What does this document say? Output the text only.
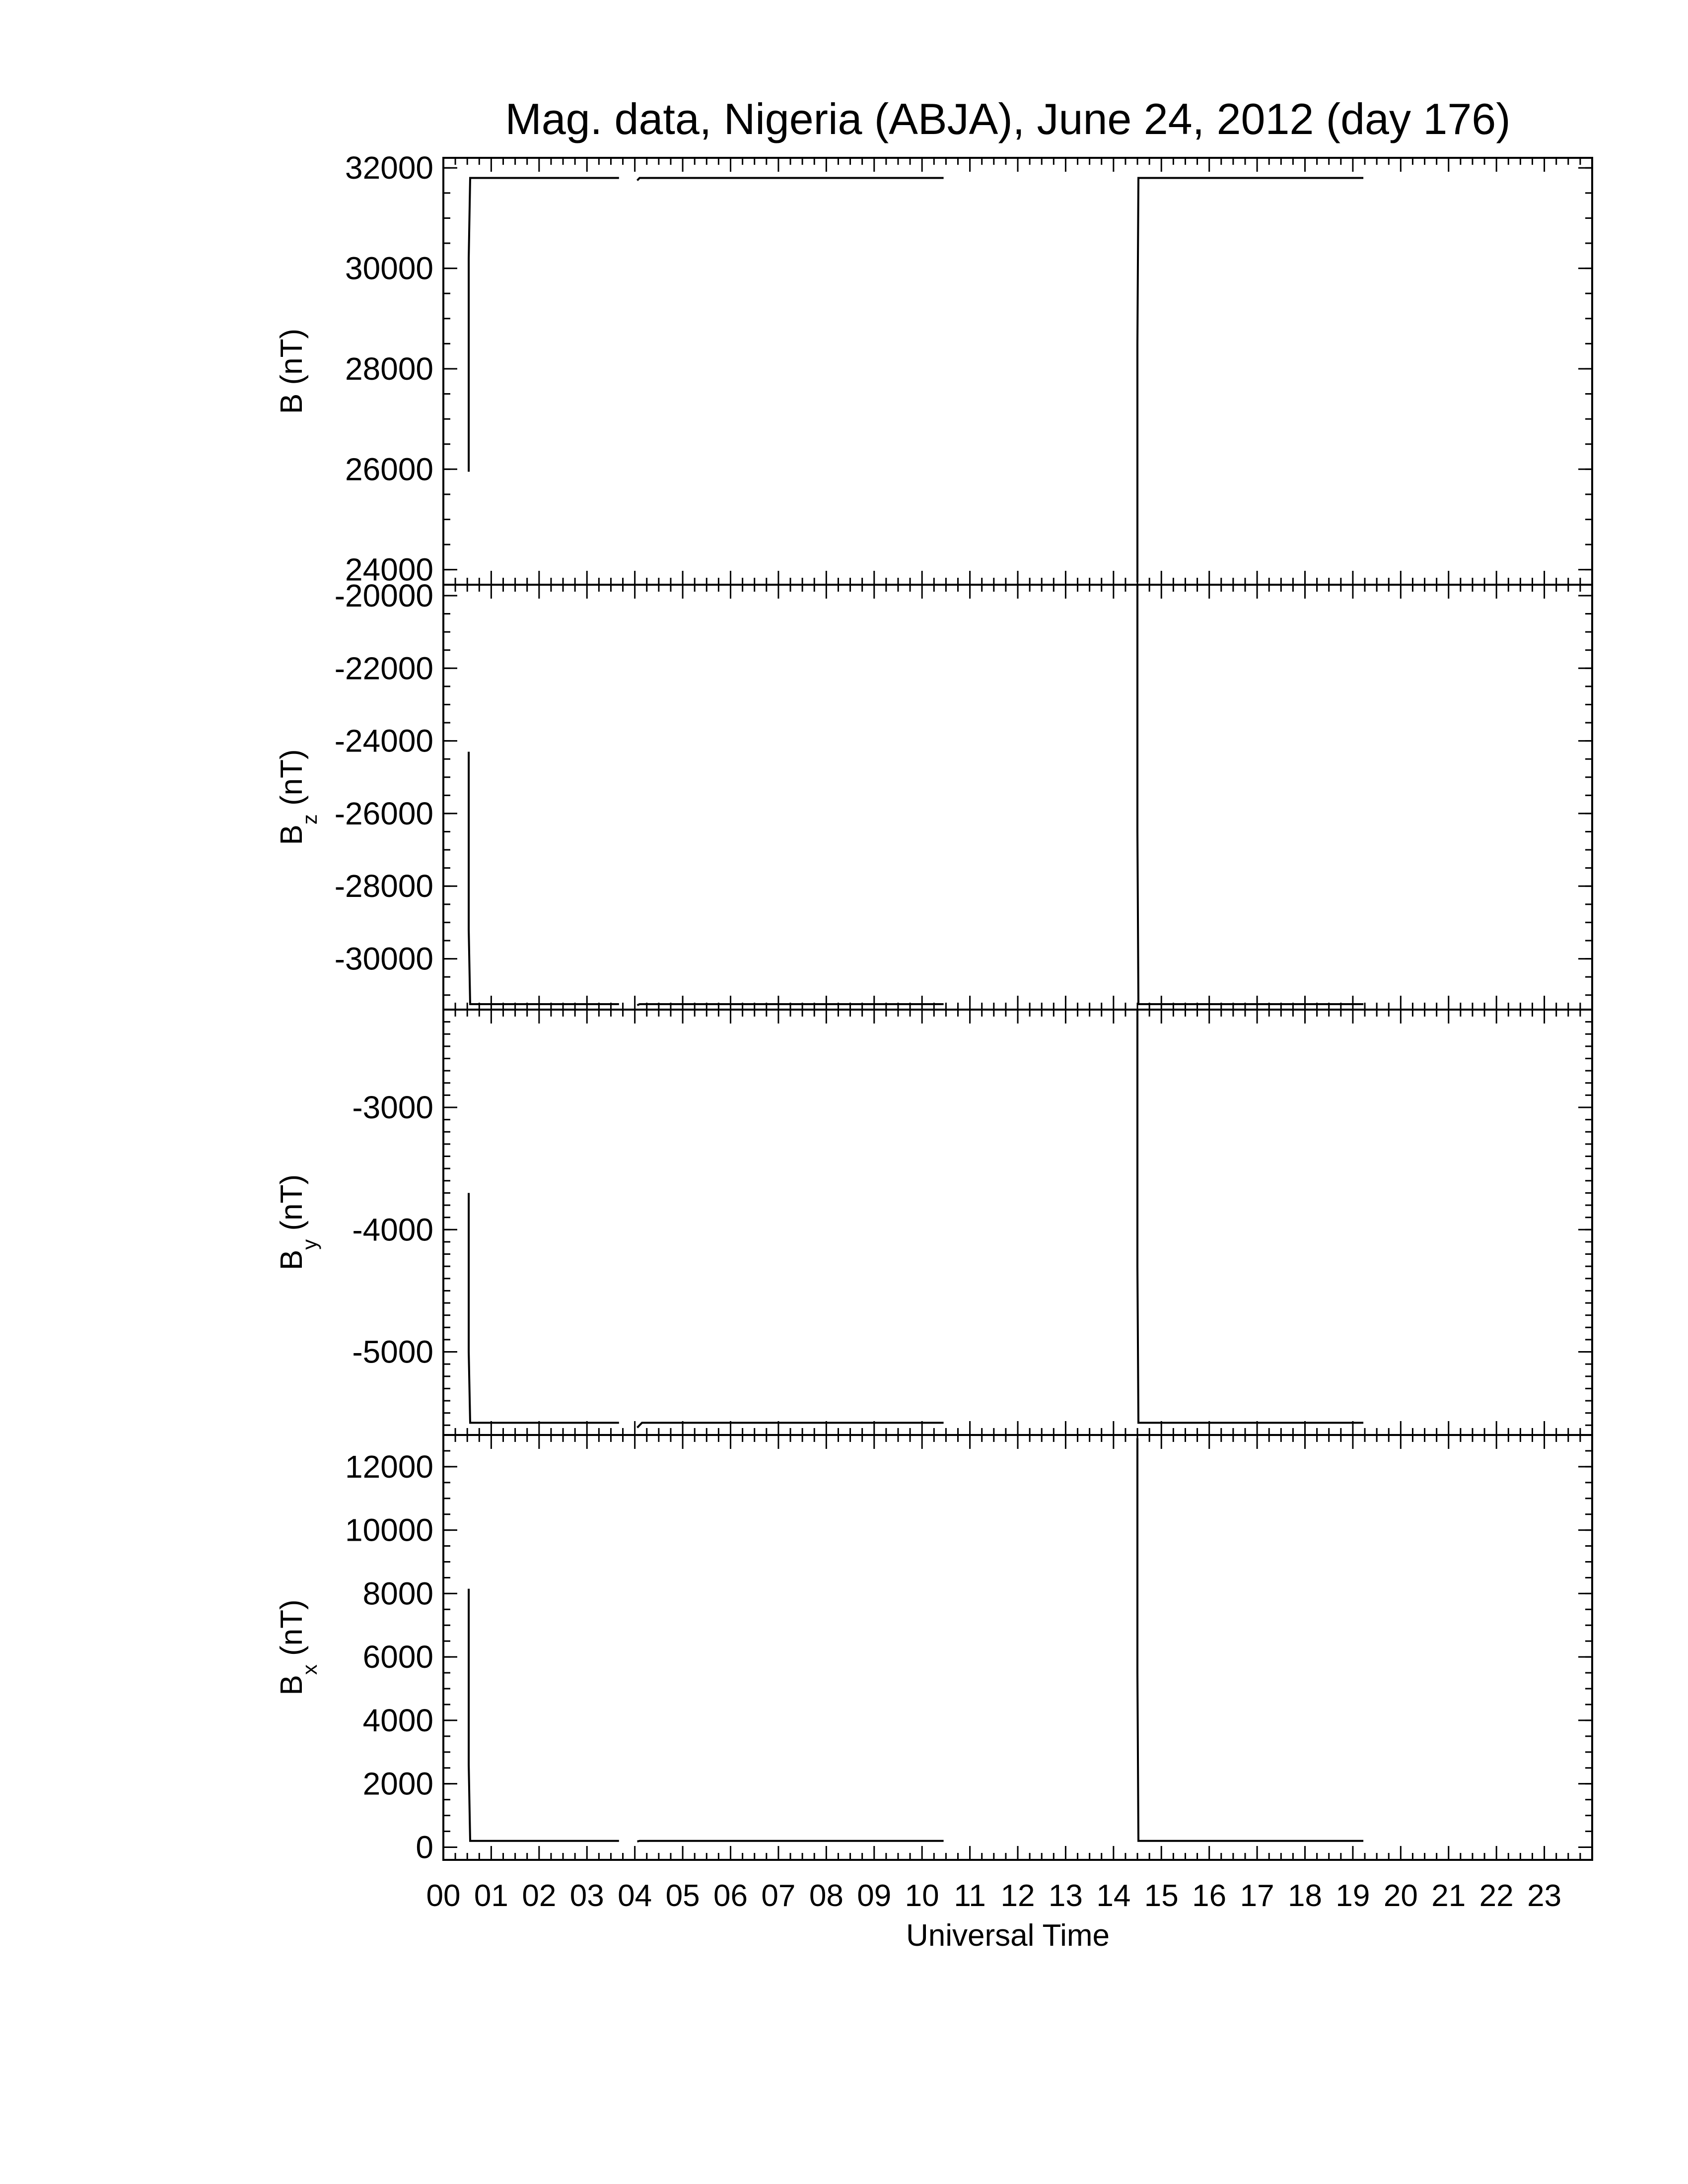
Mag. data, Nigeria (ABJA), June 24, 2012 (day 176)
24000
26000
28000
30000
32000
B (nT)
-30000
-28000
-26000
-24000
-22000
-20000
$B_z$ (nT)
-5000
-4000
-3000
$B_y$ (nT)
0
2000
4000
6000
8000
10000
12000
$B_x$ (nT)
00 01 02 03 04 05 06 07 08 09 10 11 12 13 14 15 16 17 18 19 20 21 22 23
Universal Time
